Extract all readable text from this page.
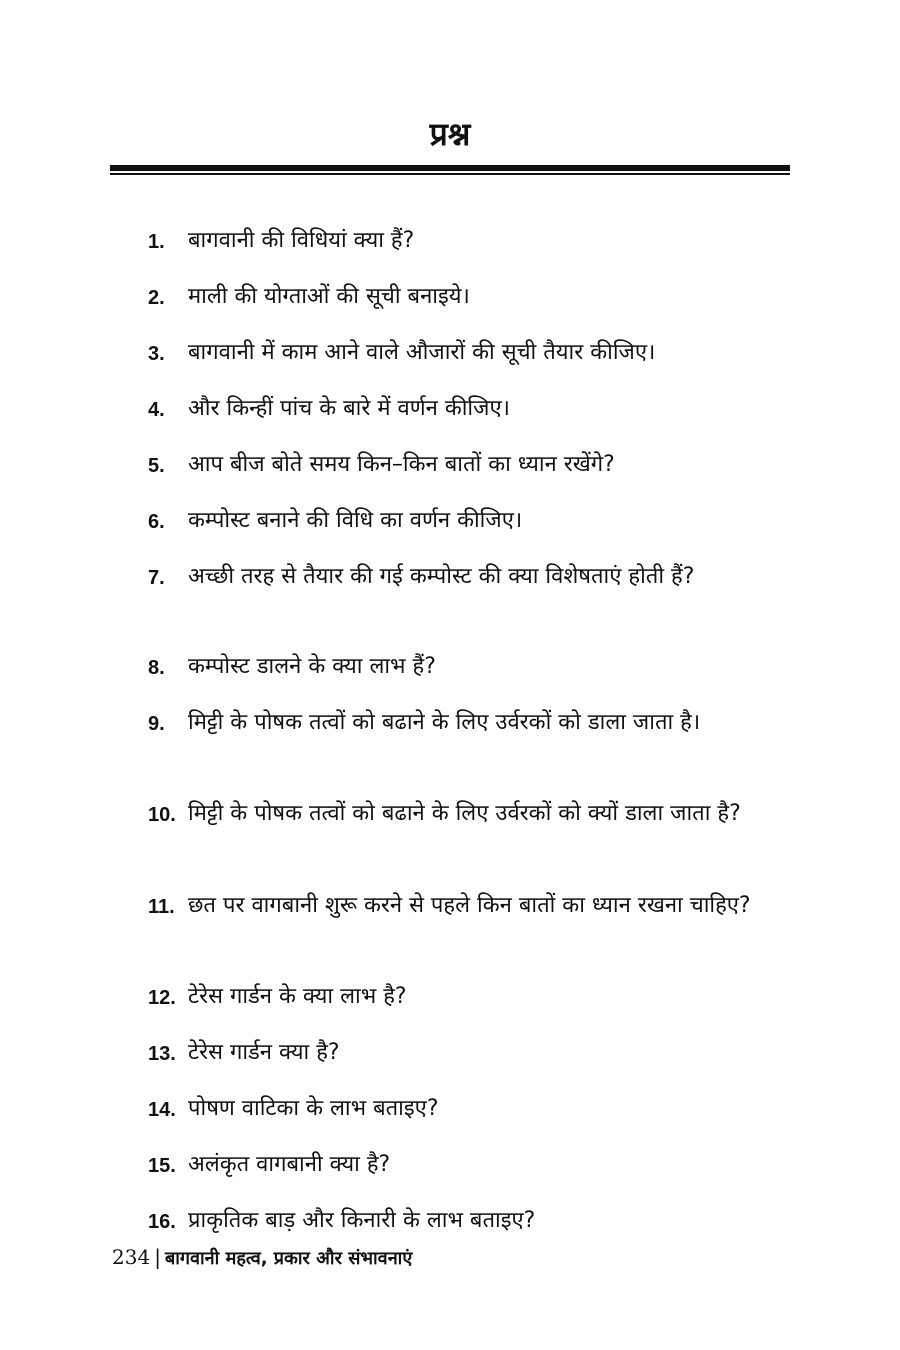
प्रश्न
1.	बागवानी की विधियां क्या हैं?
2.	माली की योग्ताओं की सूची बनाइये।
3.	बागवानी में काम आने वाले औजारों की सूची तैयार कीजिए।
4.	और किन्हीं पांच के बारे में वर्णन कीजिए।
5.	आप बीज बोते समय किन–किन बातों का ध्यान रखेंगे?
6.	कम्पोस्ट बनाने की विधि का वर्णन कीजिए।
7.	अच्छी तरह से तैयार की गई कम्पोस्ट की क्या विशेषताएं होती हैं?
8.	कम्पोस्ट डालने के क्या लाभ हैं?
9.	मिट्टी के पोषक तत्वों को बढाने के लिए उर्वरकों को डाला जाता है।
10. मिट्टी के पोषक तत्वों को बढाने के लिए उर्वरकों को क्यों डाला जाता है?
11. छत पर वागबानी शुरू करने से पहले किन बातों का ध्यान रखना चाहिए?
12. टेरेस गार्डन के क्या लाभ है?
13. टेरेस गार्डन क्या है?
14. पोषण वाटिका के लाभ बताइए?
15. अलंकृत वागबानी क्या है?
16. प्राकृतिक बाड़ और किनारी के लाभ बताइए?
234 | बागवानी महत्व, प्रकार और संभावनाएं
